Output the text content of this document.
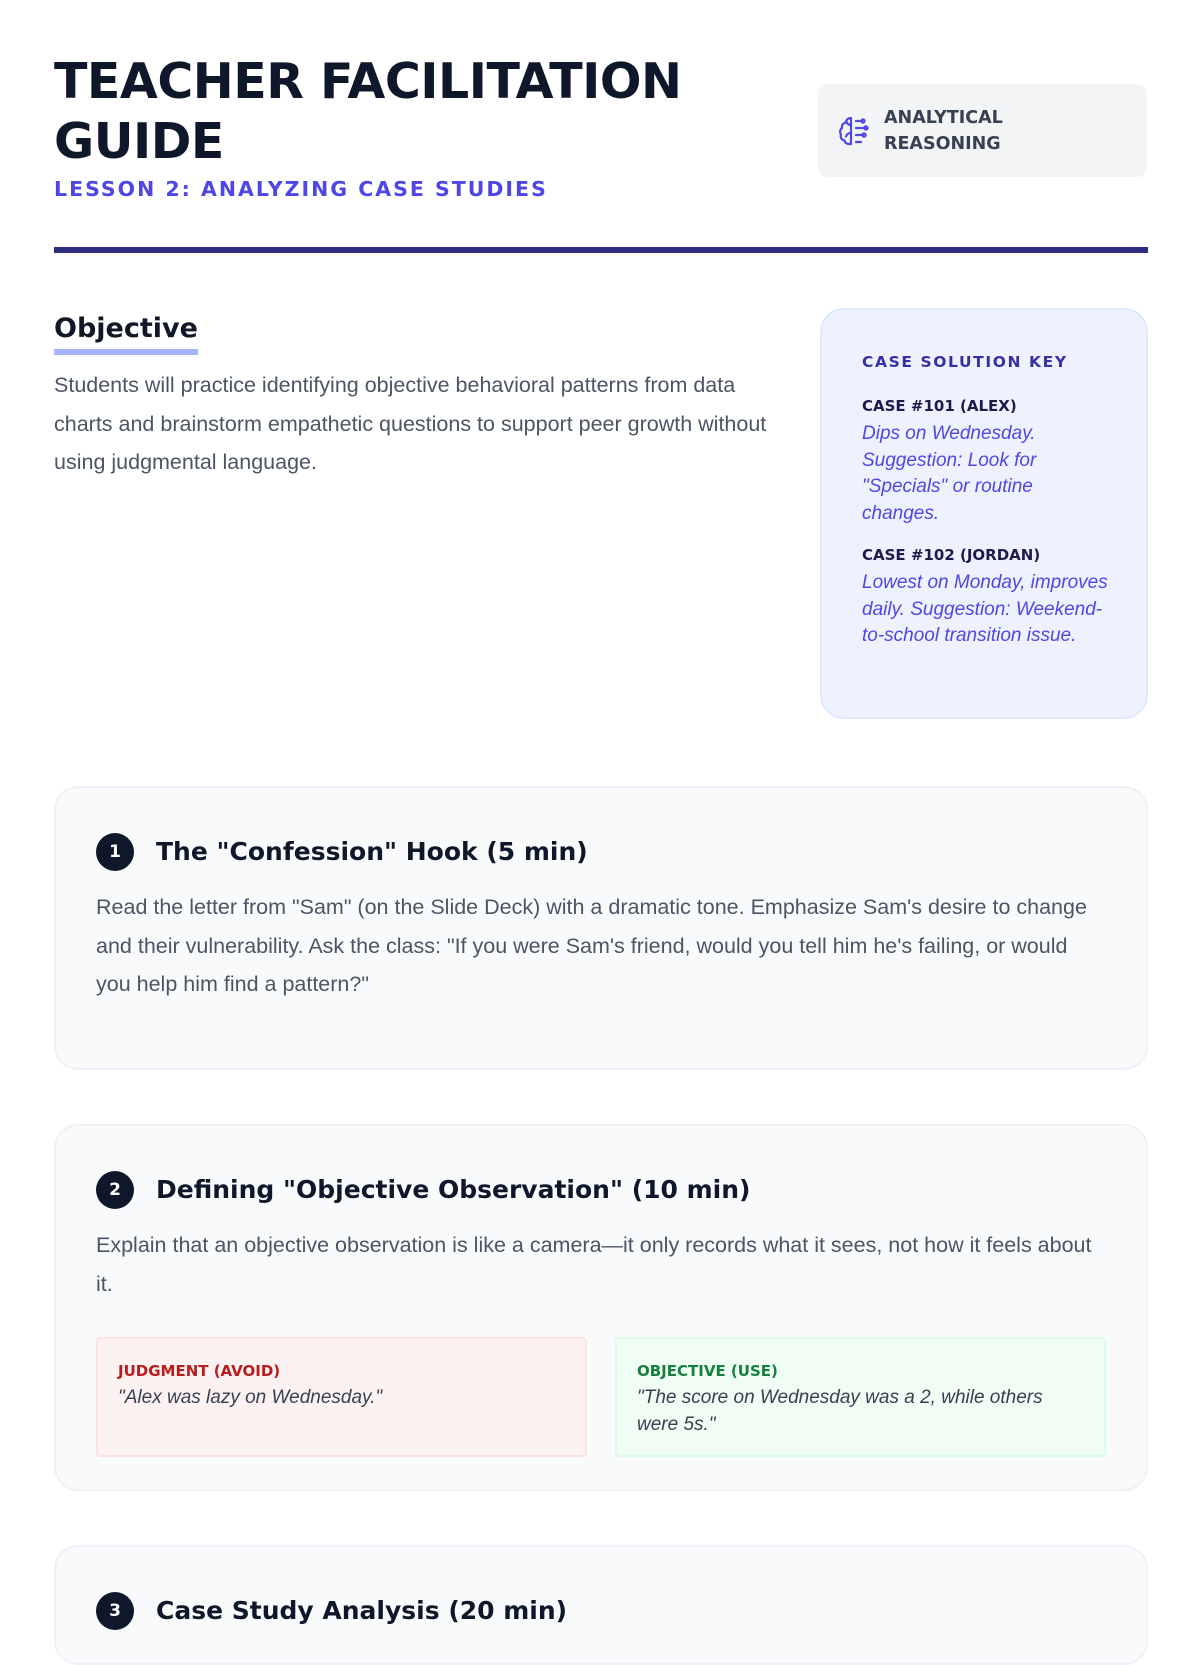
TEACHER FACILITATION GUIDE
LESSON 2: ANALYZING CASE STUDIES
ANALYTICAL REASONING
Objective

Students will practice identifying objective behavioral patterns from data charts and brainstorm empathetic questions to support peer growth without using judgmental language.

CASE SOLUTION KEY
CASE #101 (ALEX)
Dips on Wednesday. Suggestion: Look for "Specials" or routine changes.
CASE #102 (JORDAN)
Lowest on Monday, improves daily. Suggestion: Weekend-to-school transition issue.
1	The "Confession" Hook (5 min)

Read the letter from "Sam" (on the Slide Deck) with a dramatic tone. Emphasize Sam's desire to change and their vulnerability. Ask the class: "If you were Sam's friend, would you tell him he's failing, or would you help him find a pattern?"

2	Defining "Objective Observation" (10 min)

Explain that an objective observation is like a camera—it only records what it sees, not how it feels about it.

JUDGMENT (AVOID)
"Alex was lazy on Wednesday."
OBJECTIVE (USE)
"The score on Wednesday was a 2, while others were 5s."
3	Case Study Analysis (20 min)
